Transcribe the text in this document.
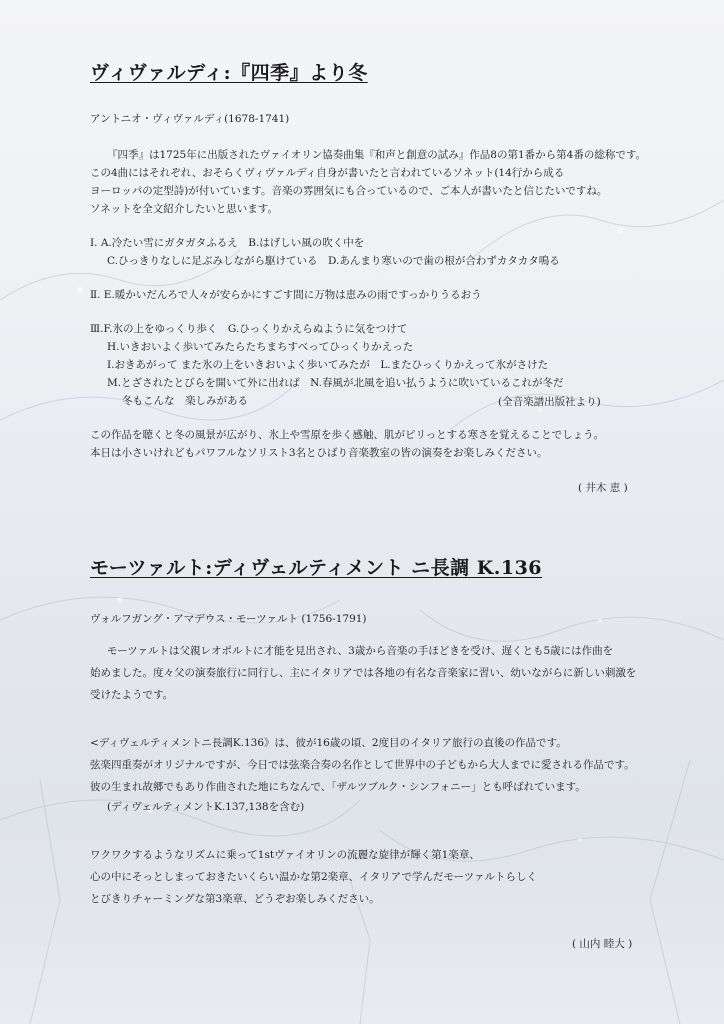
ヴィヴァルディ:『四季』より冬

アントニオ・ヴィヴァルディ(1678-1741)

『四季』は1725年に出版されたヴァイオリン協奏曲集『和声と創意の試み』作品8の第1番から第4番の総称です。

この4曲にはそれぞれ、おそらくヴィヴァルディ自身が書いたと言われているソネット(14行から成る

ヨーロッパの定型詩)が付いています。音楽の雰囲気にも合っているので、ご本人が書いたと信じたいですね。

ソネットを全文紹介したいと思います。

Ⅰ. A.冷たい雪にガタガタふるえ　B.はげしい風の吹く中を

C.ひっきりなしに足ぶみしながら駆けている　D.あんまり寒いので歯の根が合わずカタカタ鳴る

Ⅱ. E.暖かいだんろで人々が安らかにすごす間に万物は恵みの雨ですっかりうるおう

Ⅲ.F.氷の上をゆっくり歩く　G.ひっくりかえらぬように気をつけて

H.いきおいよく歩いてみたらたちまちすべってひっくりかえった

I.おきあがって また氷の上をいきおいよく歩いてみたが　L.またひっくりかえって氷がさけた

M.とざされたとびらを開いて外に出れば　N.春風が北風を追い払うように吹いているこれが冬だ

冬もこんな　楽しみがある	(全音楽譜出版社より)

この作品を聴くと冬の風景が広がり、氷上や雪原を歩く感触、肌がピリっとする寒さを覚えることでしょう。

本日は小さいけれどもパワフルなソリスト3名とひばり音楽教室の皆の演奏をお楽しみください。

( 井木 恵 )

モーツァルト:ディヴェルティメント ニ長調 K.136

ヴォルフガング・アマデウス・モーツァルト (1756-1791)

モーツァルトは父親レオポルトに才能を見出され、3歳から音楽の手ほどきを受け、遅くとも5歳には作曲を

始めました。度々父の演奏旅行に同行し、主にイタリアでは各地の有名な音楽家に習い、幼いながらに新しい刺激を

受けたようです。

<ディヴェルティメントニ長調K.136》は、彼が16歳の頃、2度目のイタリア旅行の直後の作品です。

弦楽四重奏がオリジナルですが、今日では弦楽合奏の名作として世界中の子どもから大人までに愛される作品です。

彼の生まれ故郷でもあり作曲された地にちなんで、「ザルツブルク・シンフォニー」とも呼ばれています。

(ディヴェルティメントK.137,138を含む)

ワクワクするようなリズムに乗って1stヴァイオリンの流麗な旋律が輝く第1楽章、

心の中にそっとしまっておきたいくらい温かな第2楽章、イタリアで学んだモーツァルトらしく

とびきりチャーミングな第3楽章、どうぞお楽しみください。

( 山内 睦大 )
